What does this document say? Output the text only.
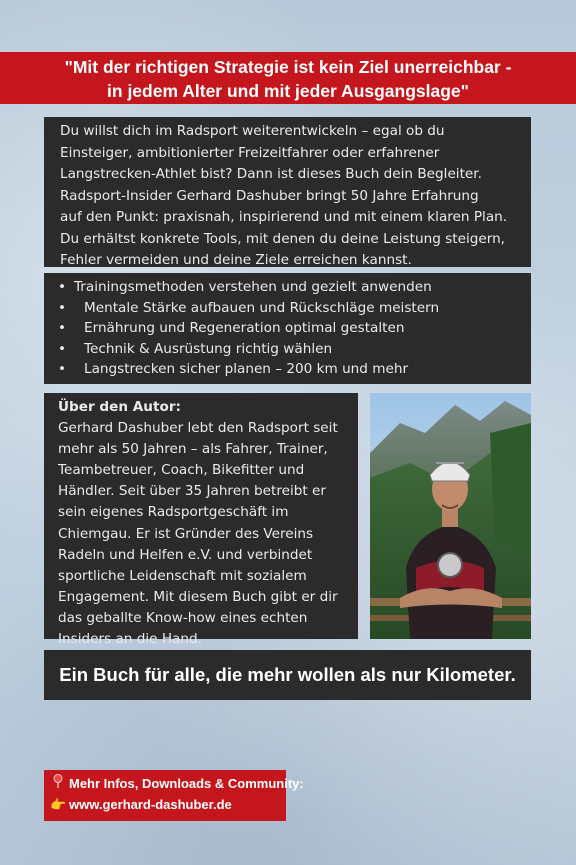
"Mit der richtigen Strategie ist kein Ziel unerreichbar -
in jedem Alter und mit jeder Ausgangslage"
Du willst dich im Radsport weiterentwickeln – egal ob du
Einsteiger, ambitionierter Freizeitfahrer oder erfahrener
Langstrecken-Athlet bist? Dann ist dieses Buch dein Begleiter.
Radsport-Insider Gerhard Dashuber bringt 50 Jahre Erfahrung
auf den Punkt: praxisnah, inspirierend und mit einem klaren Plan.
Du erhältst konkrete Tools, mit denen du deine Leistung steigern,
Fehler vermeiden und deine Ziele erreichen kannst.
• Trainingsmethoden verstehen und gezielt anwenden
• Mentale Stärke aufbauen und Rückschläge meistern
• Ernährung und Regeneration optimal gestalten
• Technik & Ausrüstung richtig wählen
• Langstrecken sicher planen – 200 km und mehr
Über den Autor:
Gerhard Dashuber lebt den Radsport seit
mehr als 50 Jahren – als Fahrer, Trainer,
Teambetreuer, Coach, Bikefitter und
Händler. Seit über 35 Jahren betreibt er
sein eigenes Radsportgeschäft im
Chiemgau. Er ist Gründer des Vereins
Radeln und Helfen e.V. und verbindet
sportliche Leidenschaft mit sozialem
Engagement. Mit diesem Buch gibt er dir
das geballte Know-how eines echten
Insiders an die Hand.
Ein Buch für alle, die mehr wollen als nur Kilometer.
Mehr Infos, Downloads & Community:
👉 www.gerhard-dashuber.de
